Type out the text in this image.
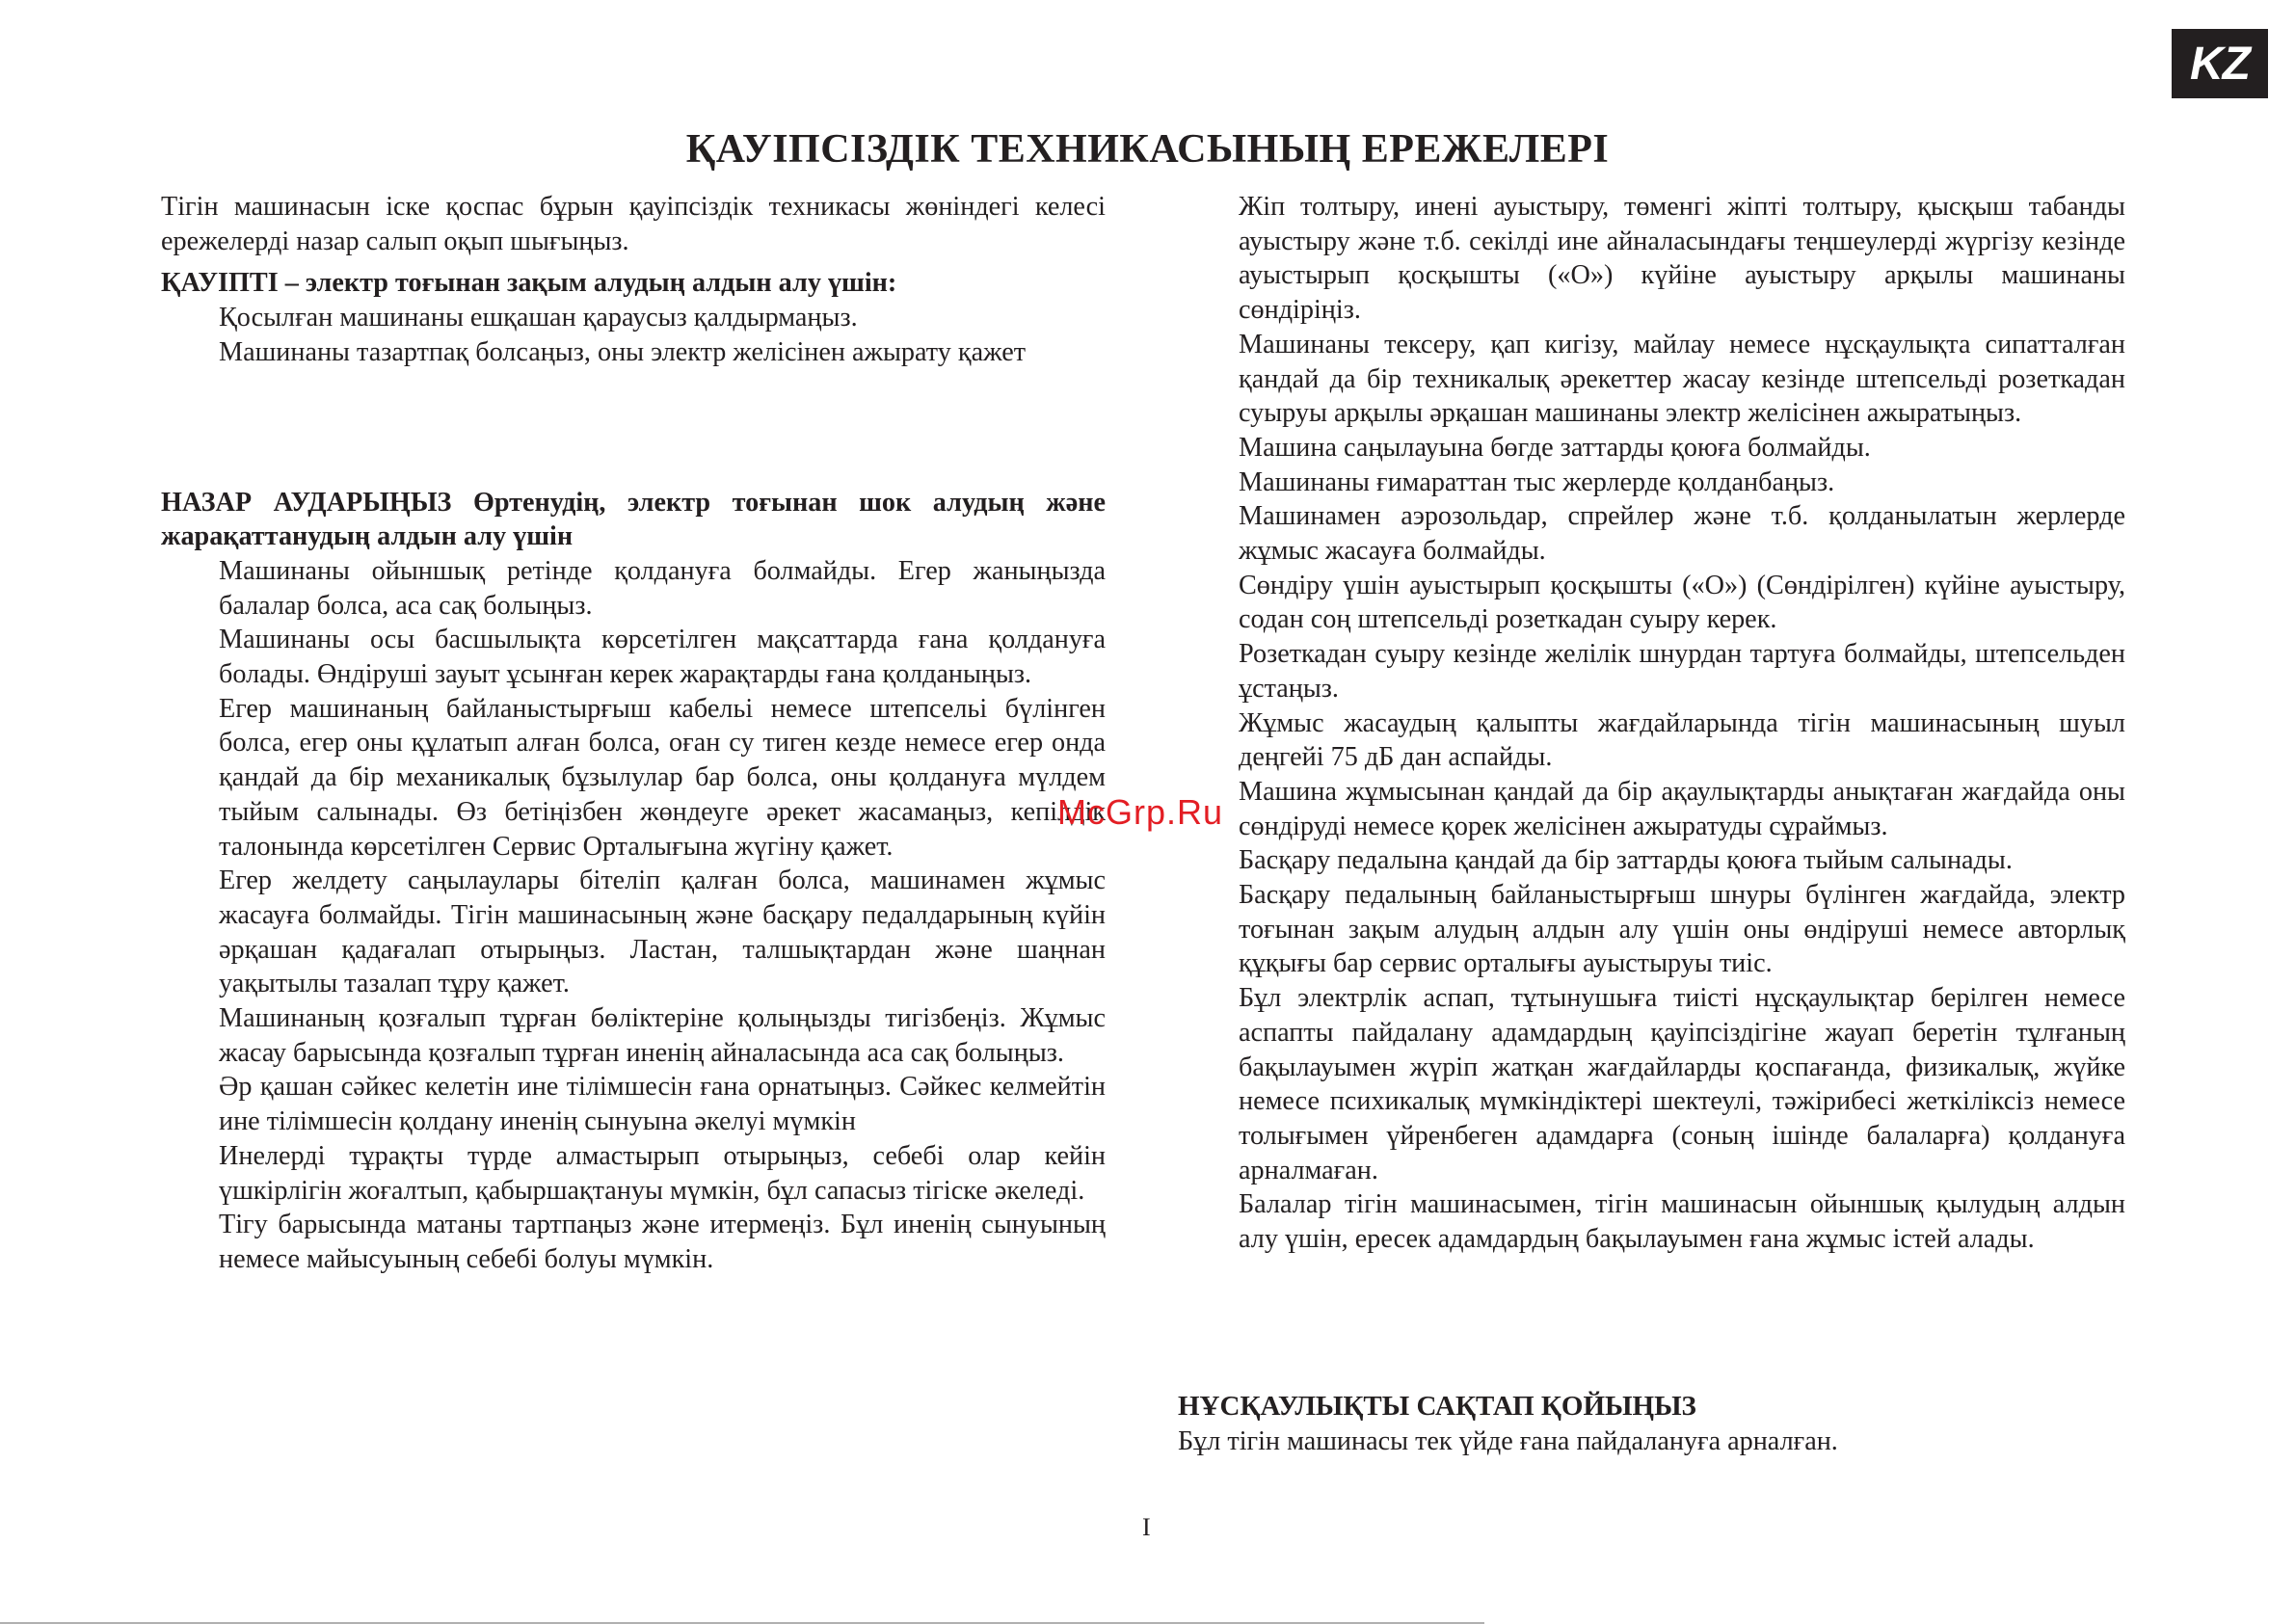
KZ
ҚАУІПСІЗДІК ТЕХНИКАСЫНЫҢ ЕРЕЖЕЛЕРІ

Тігін машинасын іске қоспас бұрын қауіпсіздік техникасы жөніндегі келесі ережелерді назар салып оқып шығыңыз.

ҚАУІПТІ – электр тоғынан зақым алудың алдын алу үшін:

Қосылған машинаны ешқашан қараусыз қалдырмаңыз.

Машинаны тазартпақ болсаңыз, оны электр желісінен ажырату қажет

НАЗАР АУДАРЫҢЫЗ Өртенудің, электр тоғынан шок алудың және жарақаттанудың алдын алу үшін

Машинаны ойыншық ретінде қолдануға болмайды. Егер жаныңызда балалар болса, аса сақ болыңыз.

Машинаны осы басшылықта көрсетілген мақсаттарда ғана қолдануға болады. Өндіруші зауыт ұсынған керек жарақтарды ғана қолданыңыз.

Егер машинаның байланыстырғыш кабельі немесе штепсельі бүлінген болса, егер оны құлатып алған болса, оған су тиген кезде немесе егер онда қандай да бір механикалық бұзылулар бар болса, оны қолдануға мүлдем тыйым салынады. Өз бетіңізбен жөндеуге әрекет жасамаңыз, кепілдік талонында көрсетілген Сервис Орталығына жүгіну қажет.

Егер желдету саңылаулары бітеліп қалған болса, машинамен жұмыс жасауға болмайды. Тігін машинасының және басқару педалдарының күйін әрқашан қадағалап отырыңыз. Ластан, талшықтардан және шаңнан уақытылы тазалап тұру қажет.

Машинаның қозғалып тұрған бөліктеріне қолыңызды тигізбеңіз. Жұмыс жасау барысында қозғалып тұрған иненің айналасында аса сақ болыңыз.

Әр қашан сәйкес келетін ине тілімшесін ғана орнатыңыз. Сәйкес келмейтін ине тілімшесін қолдану иненің сынуына әкелуі мүмкін

Инелерді тұрақты түрде алмастырып отырыңыз, себебі олар кейін үшкірлігін жоғалтып, қабыршақтануы мүмкін, бұл сапасыз тігіске әкеледі.

Тігу барысында матаны тартпаңыз және итермеңіз. Бұл иненің сынуының немесе майысуының себебі болуы мүмкін.

Жіп толтыру, инені ауыстыру, төменгі жіпті толтыру, қысқыш табанды ауыстыру және т.б. секілді ине айналасындағы теңшеулерді жүргізу кезінде ауыстырып қосқышты («О») күйіне ауыстыру арқылы машинаны сөндіріңіз.

Машинаны тексеру, қап кигізу, майлау немесе нұсқаулықта сипатталған қандай да бір техникалық әрекеттер жасау кезінде штепсельді розеткадан суыруы арқылы әрқашан машинаны электр желісінен ажыратыңыз.

Машина саңылауына бөгде заттарды қоюға болмайды.

Машинаны ғимараттан тыс жерлерде қолданбаңыз.

Машинамен аэрозольдар, спрейлер және т.б. қолданылатын жерлерде жұмыс жасауға болмайды.

Сөндіру үшін ауыстырып қосқышты («О») (Сөндірілген) күйіне ауыстыру, содан соң штепсельді розеткадан суыру керек.

Розеткадан суыру кезінде желілік шнурдан тартуға болмайды, штепсельден ұстаңыз.

Жұмыс жасаудың қалыпты жағдайларында тігін машинасының шуыл деңгейі 75 дБ дан аспайды.

Машина жұмысынан қандай да бір ақаулықтарды анықтаған жағдайда оны сөндіруді немесе қорек желісінен ажыратуды сұраймыз.

Басқару педалына қандай да бір заттарды қоюға тыйым салынады.

Басқару педалының байланыстырғыш шнуры бүлінген жағдайда, электр тоғынан зақым алудың алдын алу үшін оны өндіруші немесе авторлық құқығы бар сервис орталығы ауыстыруы тиіс.

Бұл электрлік аспап, тұтынушыға тиісті нұсқаулықтар берілген немесе аспапты пайдалану адамдардың қауіпсіздігіне жауап беретін тұлғаның бақылауымен жүріп жатқан жағдайларды қоспағанда, физикалық, жүйке немесе психикалық мүмкіндіктері шектеулі, тәжірибесі жеткіліксіз немесе толығымен үйренбеген адамдарға (соның ішінде балаларға) қолдануға арналмаған.

Балалар тігін машинасымен, тігін машинасын ойыншық қылудың алдын алу үшін, ересек адамдардың бақылауымен ғана жұмыс істей алады.

НҰСҚАУЛЫҚТЫ САҚТАП ҚОЙЫҢЫЗ

Бұл тігін машинасы тек үйде ғана пайдалануға арналған.

McGrp.Ru
I
